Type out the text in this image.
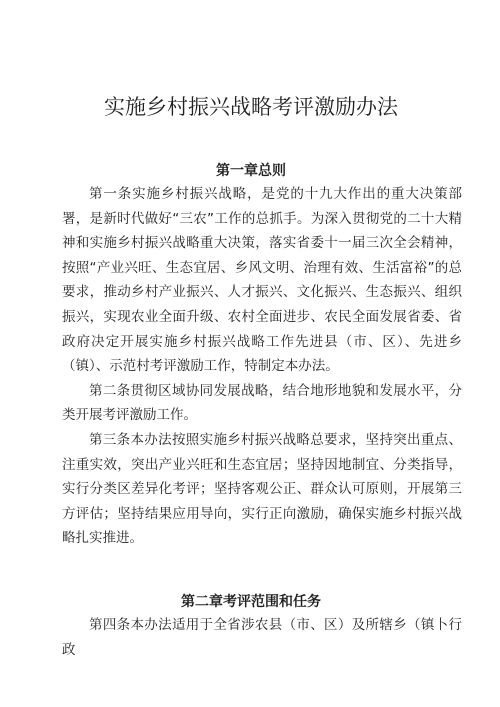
实施乡村振兴战略考评激励办法
第一章总则

第一条实施乡村振兴战略，是党的十九大作出的重大决策部署，是新时代做好“三农”工作的总抓手。为深入贯彻党的二十大精神和实施乡村振兴战略重大决策，落实省委十一届三次全会精神，按照“产业兴旺、生态宜居、乡风文明、治理有效、生活富裕”的总要求，推动乡村产业振兴、人才振兴、文化振兴、生态振兴、组织振兴，实现农业全面升级、农村全面进步、农民全面发展省委、省政府决定开展实施乡村振兴战略工作先进县（市、区）、先进乡（镇）、示范村考评激励工作，特制定本办法。

第二条贯彻区域协同发展战略，结合地形地貌和发展水平，分类开展考评激励工作。

第三条本办法按照实施乡村振兴战略总要求，坚持突出重点、注重实效，突出产业兴旺和生态宜居；坚持因地制宜、分类指导，实行分类区差异化考评；坚持客观公正、群众认可原则，开展第三方评估；坚持结果应用导向，实行正向激励，确保实施乡村振兴战略扎实推进。

第二章考评范围和任务

第四条本办法适用于全省涉农县（市、区）及所辖乡（镇卜行政
